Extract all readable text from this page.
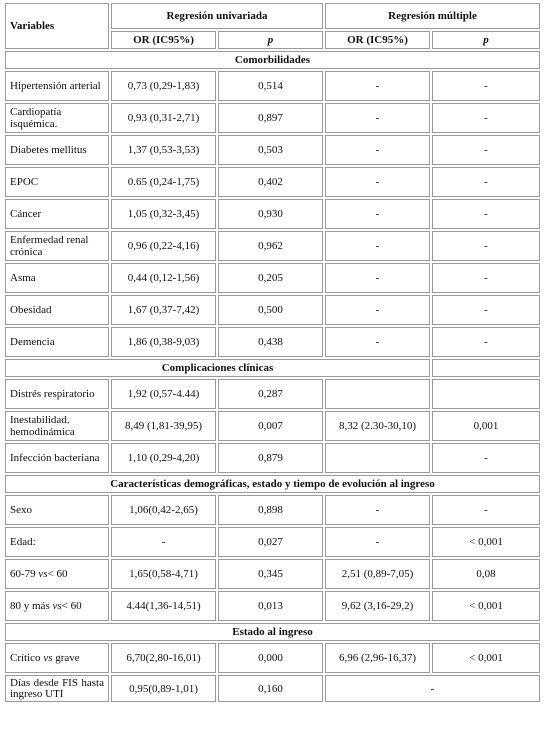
Variables	Regresión univariada		Regresión múltiple	
	OR (IC95%)	p	OR (IC95%)	p
Comorbilidades				
Hipertensión arterial	0,73 (0,29-1,83)	0,514	-	-
Cardiopatía isquémica.	0,93 (0,31-2,71)	0,897	-	-
Diabetes mellitus	1,37 (0,53-3,53)	0,503	-	-
EPOC	0.65 (0,24-1,75)	0,402	-	-
Cáncer	1,05 (0,32-3,45)	0,930	-	-
Enfermedad renal crónica	0,96 (0,22-4,16)	0,962	-	-
Asma	0,44 (0,12-1,56)	0,205	-	-
Obesidad	1,67 (0,37-7,42)	0,500	-	-
Demencia	1,86 (0,38-9,03)	0,438	-	-
Complicaciones clínicas				
Distrés respiratorio	1,92 (0,57-4.44)	0,287		
Inestabilidad. hemodinámica	8,49 (1,81-39,95)	0,007	8,32 (2.30-30,10)	0,001
Infección bacteriana	1,10 (0,29-4,20)	0,879		-
Características demográficas, estado y tiempo de evolución al ingreso				
Sexo	1,06(0,42-2,65)	0,898	-	-
Edad:	-	0,027	-	< 0,001
60-79 vs< 60	1,65(0,58-4,71)	0,345	2,51 (0,89-7,05)	0,08
80 y más vs< 60	4.44(1,36-14,51)	0,013	9,62 (3,16-29,2)	< 0,001
Estado al ingreso				
Crítico vs grave	6,70(2,80-16,01)	0,000	6,96 (2,96-16,37)	< 0,001
Días desde FIS hasta ingreso UTI	0,95(0,89-1,01)	0,160	-	
